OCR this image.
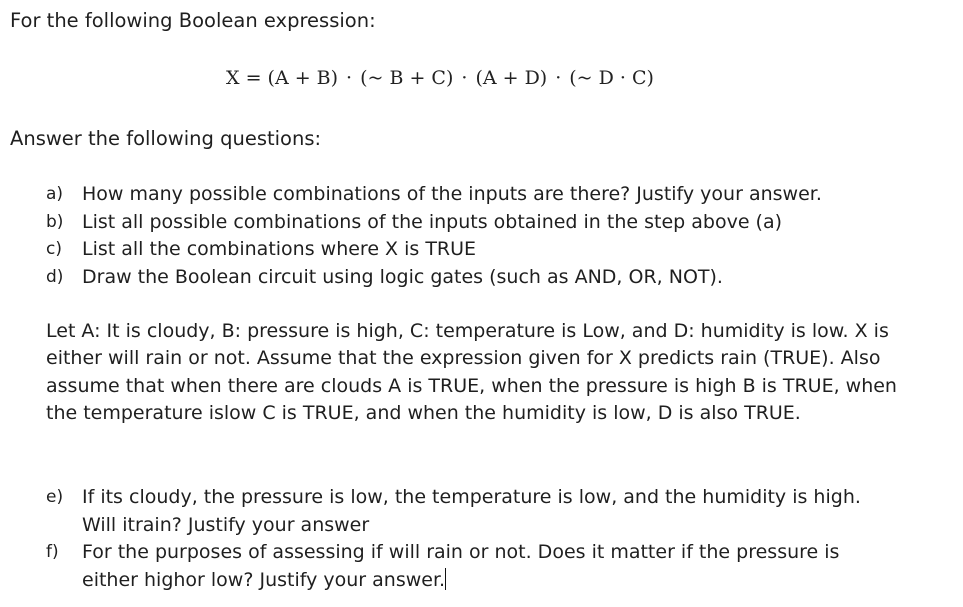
For the following Boolean expression:
X = (A + B) · (~ B + C) · (A + D) · (~ D · C)
Answer the following questions:
a) How many possible combinations of the inputs are there? Justify your answer.
b) List all possible combinations of the inputs obtained in the step above (a)
c) List all the combinations where X is TRUE
d) Draw the Boolean circuit using logic gates (such as AND, OR, NOT).
Let A: It is cloudy, B: pressure is high, C: temperature is Low, and D: humidity is low. X is either will rain or not. Assume that the expression given for X predicts rain (TRUE). Also assume that when there are clouds A is TRUE, when the pressure is high B is TRUE, when the temperature islow C is TRUE, and when the humidity is low, D is also TRUE.
e) If its cloudy, the pressure is low, the temperature is low, and the humidity is high. Will itrain? Justify your answer
f) For the purposes of assessing if will rain or not. Does it matter if the pressure is either highor low? Justify your answer.
